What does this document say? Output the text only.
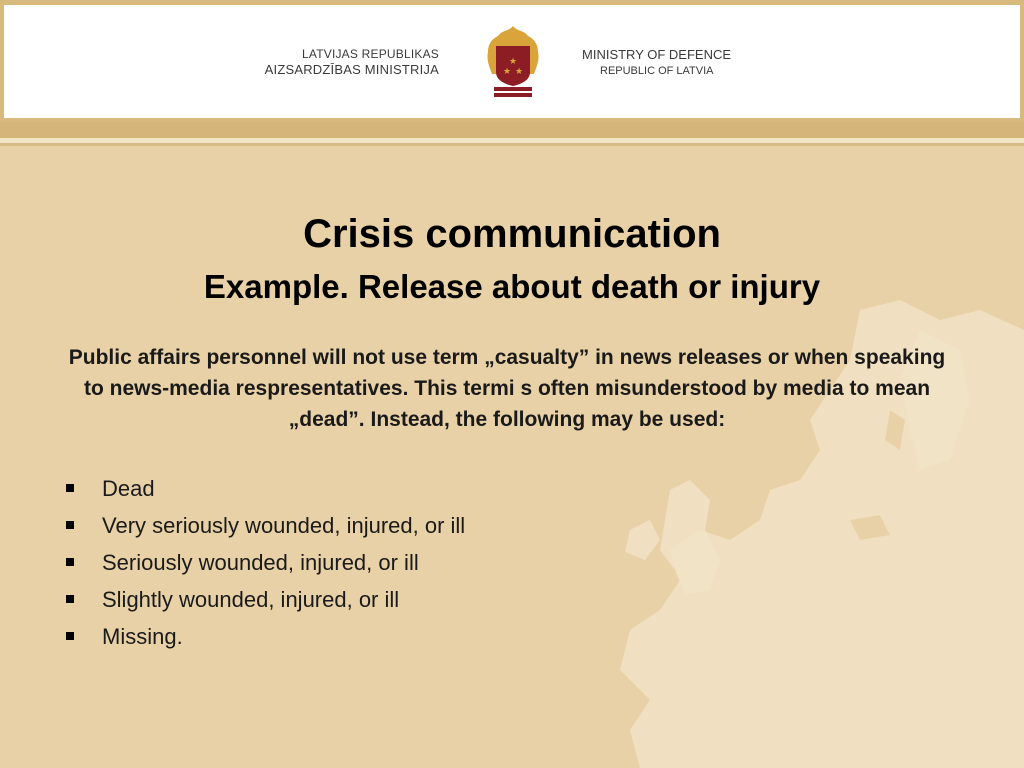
LATVIJAS REPUBLIKAS
AIZSARDZĪBAS MINISTRIJA	★
★ ★
MINISTRY OF DEFENCE
REPUBLIC OF LATVIA
Crisis communication
Example. Release about death or injury
Public affairs personnel will not use term „casualty” in news releases or when speaking to news-media respresentatives. This termi s often misunderstood by media to mean „dead”. Instead, the following may be used:
Dead
Very seriously wounded, injured, or ill
Seriously wounded, injured, or ill
Slightly wounded, injured, or ill
Missing.
